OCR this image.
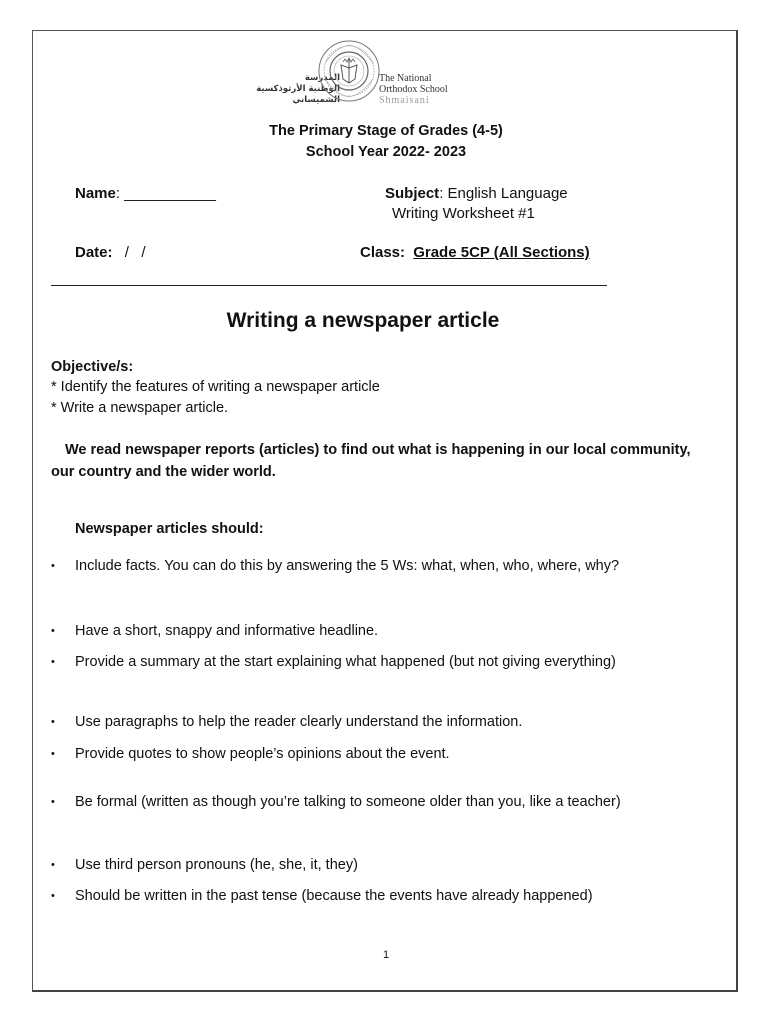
المدرسة
الوطنية الأرثوذكسية
الشميساني
The National
Orthodox School
Shmaisani
The Primary Stage of Grades (4-5)
School Year 2022- 2023
Name: ___________	Subject: English Language
Writing Worksheet #1
Date: /   /	Class: Grade 5CP (All Sections)
Writing a newspaper article
Objective/s:
* Identify the features of writing a newspaper article
* Write a newspaper article.
We read newspaper reports (articles) to find out what is happening in our local community, our country and the wider world.
Newspaper articles should:
•	Include facts. You can do this by answering the 5 Ws: what, when, who, where, why?
•	Have a short, snappy and informative headline.
•	Provide a summary at the start explaining what happened (but not giving everything)
•	Use paragraphs to help the reader clearly understand the information.
•	Provide quotes to show people’s opinions about the event.
•	Be formal (written as though you’re talking to someone older than you, like a teacher)
•	Use third person pronouns (he, she, it, they)
•	Should be written in the past tense (because the events have already happened)
1
